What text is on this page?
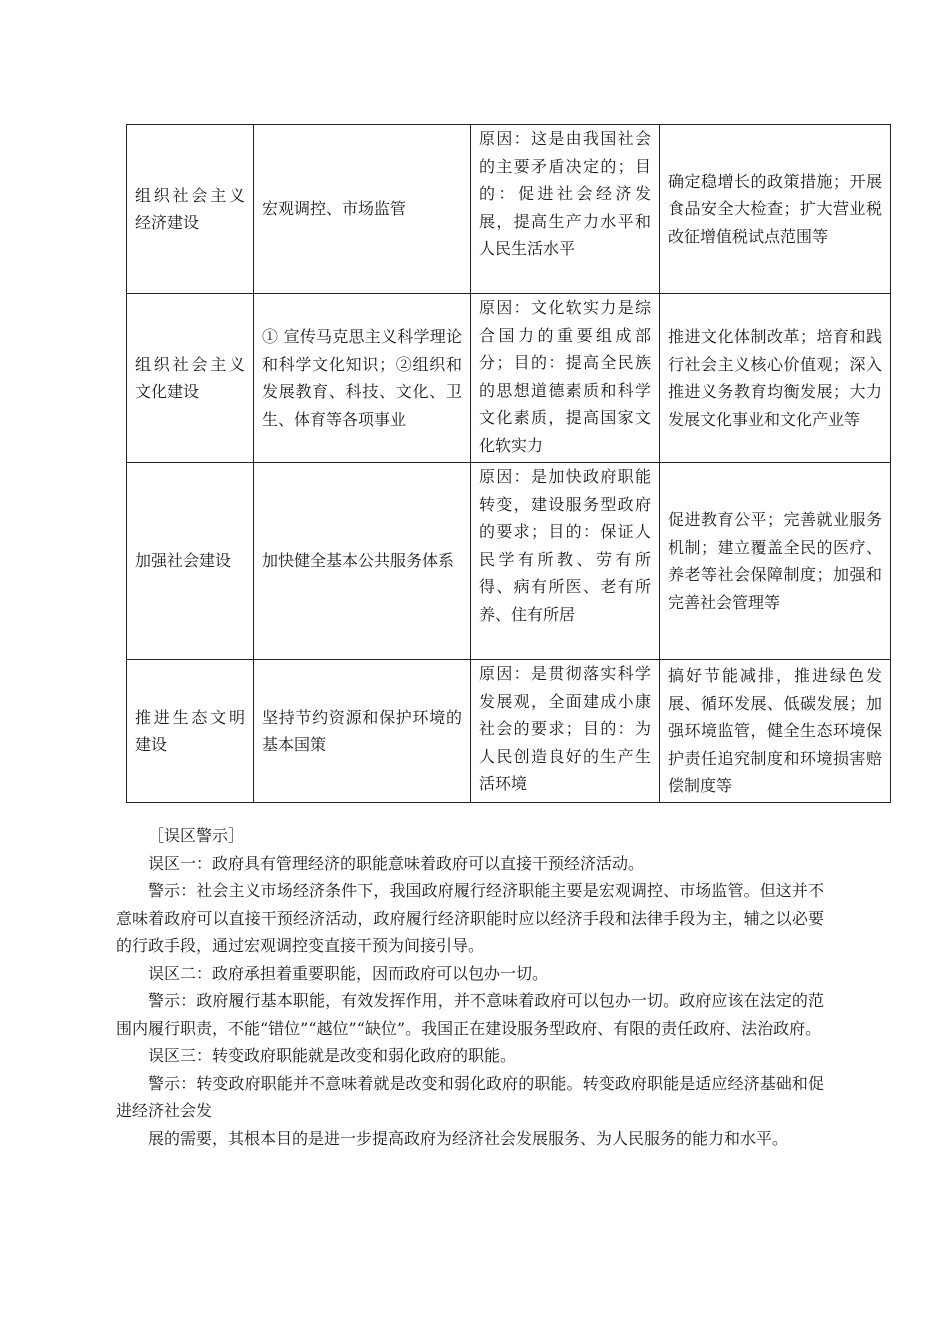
组织社会主义经济建设	宏观调控、市场监管	原因：这是由我国社会的主要矛盾决定的；目的：促进社会经济发展，提高生产力水平和人民生活水平	确定稳增长的政策措施；开展食品安全大检查；扩大营业税改征增值税试点范围等
组织社会主义文化建设	① 宣传马克思主义科学理论和科学文化知识；②组织和发展教育、科技、文化、卫生、体育等各项事业	原因：文化软实力是综合国力的重要组成部分；目的：提高全民族的思想道德素质和科学文化素质，提高国家文化软实力	推进文化体制改革；培育和践行社会主义核心价值观；深入推进义务教育均衡发展；大力发展文化事业和文化产业等
加强社会建设	加快健全基本公共服务体系	原因：是加快政府职能转变，建设服务型政府的要求；目的：保证人民学有所教、劳有所得、病有所医、老有所养、住有所居	促进教育公平；完善就业服务机制；建立覆盖全民的医疗、养老等社会保障制度；加强和完善社会管理等
推进生态文明建设	坚持节约资源和保护环境的基本国策	原因：是贯彻落实科学发展观，全面建成小康社会的要求；目的：为人民创造良好的生产生活环境	搞好节能减排，推进绿色发展、循环发展、低碳发展；加强环境监管，健全生态环境保护责任追究制度和环境损害赔偿制度等

［误区警示］

误区一：政府具有管理经济的职能意味着政府可以直接干预经济活动。

警示：社会主义市场经济条件下，我国政府履行经济职能主要是宏观调控、市场监管。但这并不意味着政府可以直接干预经济活动，政府履行经济职能时应以经济手段和法律手段为主，辅之以必要的行政手段，通过宏观调控变直接干预为间接引导。

误区二：政府承担着重要职能，因而政府可以包办一切。

警示：政府履行基本职能，有效发挥作用，并不意味着政府可以包办一切。政府应该在法定的范围内履行职责，不能“错位”“越位”“缺位”。我国正在建设服务型政府、有限的责任政府、法治政府。

误区三：转变政府职能就是改变和弱化政府的职能。

警示：转变政府职能并不意味着就是改变和弱化政府的职能。转变政府职能是适应经济基础和促进经济社会发

展的需要，其根本目的是进一步提高政府为经济社会发展服务、为人民服务的能力和水平。
